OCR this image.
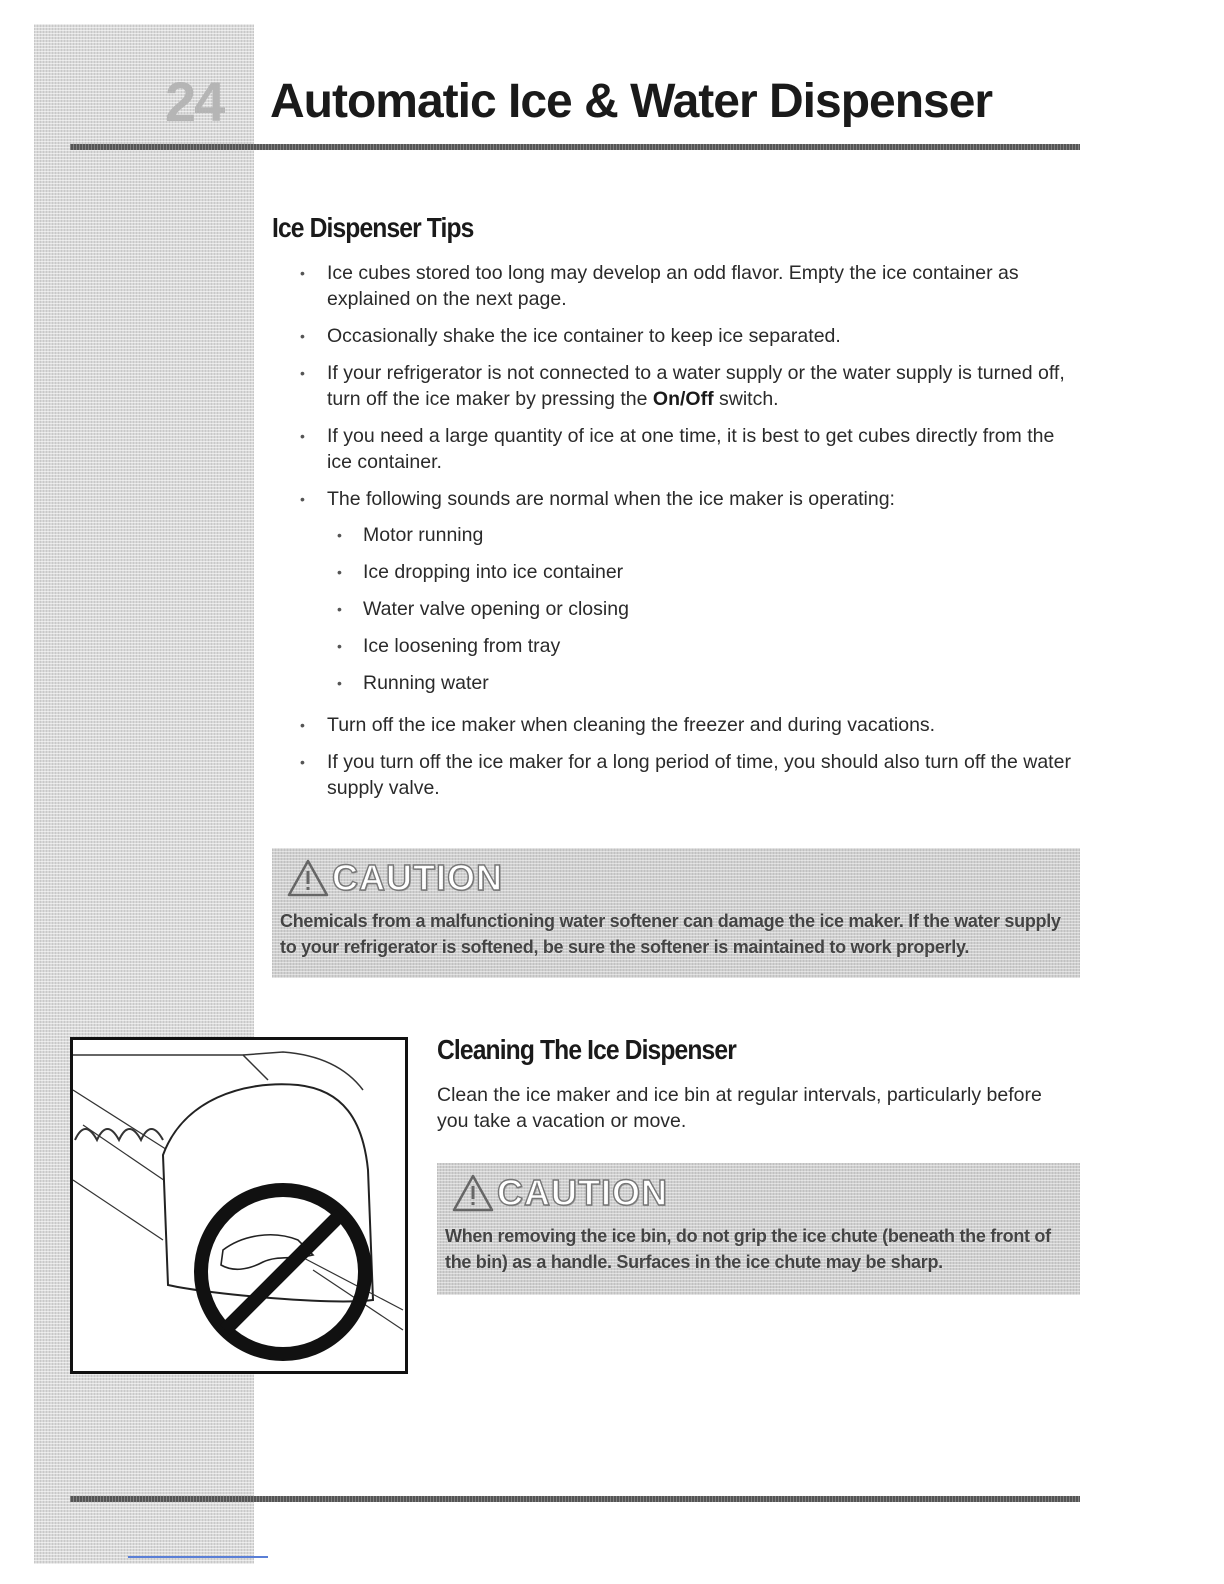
24 Automatic Ice & Water Dispenser
Ice Dispenser Tips
• Ice cubes stored too long may develop an odd flavor. Empty the ice container as explained on the next page.
• Occasionally shake the ice container to keep ice separated.
• If your refrigerator is not connected to a water supply or the water supply is turned off, turn off the ice maker by pressing the On/Off switch.
• If you need a large quantity of ice at one time, it is best to get cubes directly from the ice container.
• The following sounds are normal when the ice maker is operating:
• Motor running
• Ice dropping into ice container
• Water valve opening or closing
• Ice loosening from tray
• Running water
• Turn off the ice maker when cleaning the freezer and during vacations.
• If you turn off the ice maker for a long period of time, you should also turn off the water supply valve.
CAUTION
Chemicals from a malfunctioning water softener can damage the ice maker. If the water supply to your refrigerator is softened, be sure the softener is maintained to work properly.
Cleaning The Ice Dispenser

Clean the ice maker and ice bin at regular intervals, particularly before you take a vacation or move.

CAUTION
When removing the ice bin, do not grip the ice chute (beneath the front of the bin) as a handle. Surfaces in the ice chute may be sharp.
